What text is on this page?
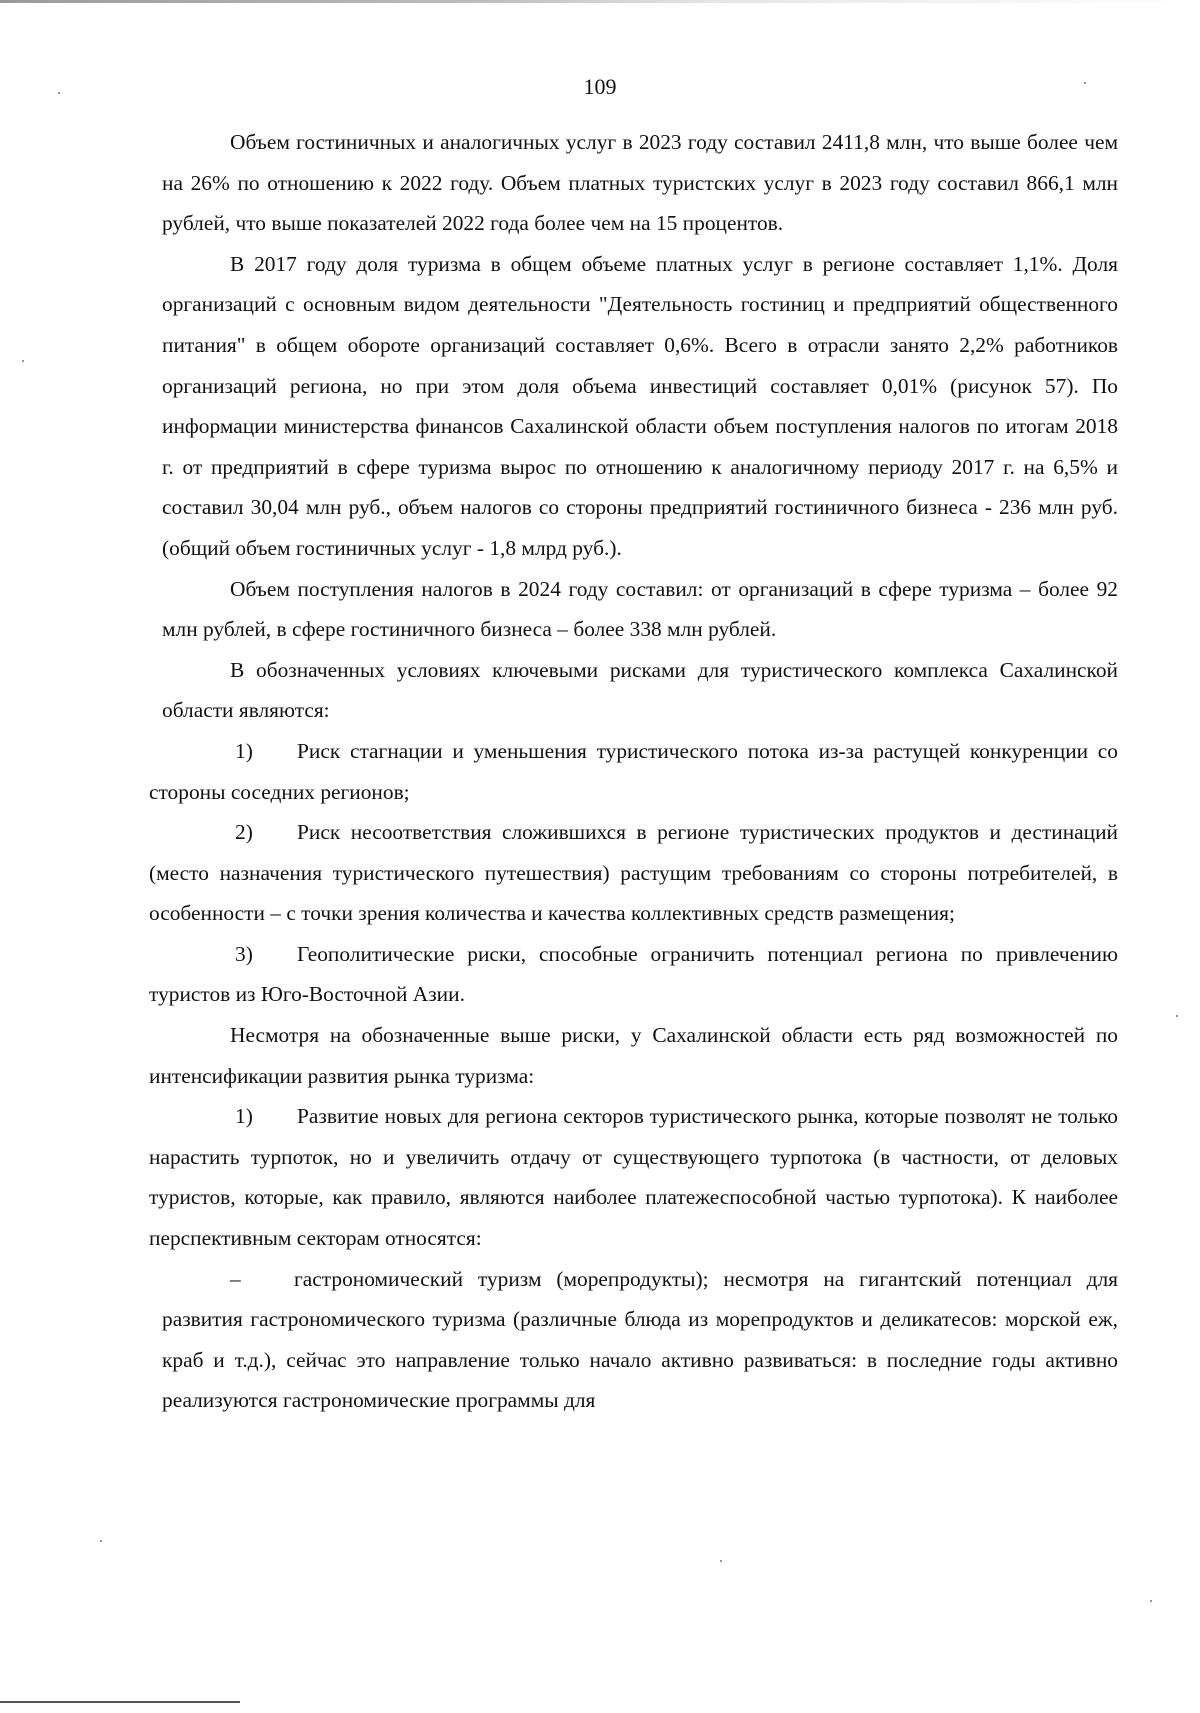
109

Объем гостиничных и аналогичных услуг в 2023 году составил 2411,8 млн, что выше более чем на 26% по отношению к 2022 году. Объем платных туристских услуг в 2023 году составил 866,1 млн рублей, что выше показателей 2022 года более чем на 15 процентов.

В 2017 году доля туризма в общем объеме платных услуг в регионе составляет 1,1%. Доля организаций с основным видом деятельности "Деятельность гостиниц и предприятий общественного питания" в общем обороте организаций составляет 0,6%. Всего в отрасли занято 2,2% работников организаций региона, но при этом доля объема инвестиций составляет 0,01% (рисунок 57). По информации министерства финансов Сахалинской области объем поступления налогов по итогам 2018 г. от предприятий в сфере туризма вырос по отношению к аналогичному периоду 2017 г. на 6,5% и составил 30,04 млн руб., объем налогов со стороны предприятий гостиничного бизнеса - 236 млн руб. (общий объем гостиничных услуг - 1,8 млрд руб.).

Объем поступления налогов в 2024 году составил: от организаций в сфере туризма – более 92 млн рублей, в сфере гостиничного бизнеса – более 338 млн рублей.

В обозначенных условиях ключевыми рисками для туристического комплекса Сахалинской области являются:

1) Риск стагнации и уменьшения туристического потока из-за растущей конкуренции со стороны соседних регионов;

2) Риск несоответствия сложившихся в регионе туристических продуктов и дестинаций (место назначения туристического путешествия) растущим требованиям со стороны потребителей, в особенности – с точки зрения количества и качества коллективных средств размещения;

3) Геополитические риски, способные ограничить потенциал региона по привлечению туристов из Юго-Восточной Азии.

Несмотря на обозначенные выше риски, у Сахалинской области есть ряд возможностей по интенсификации развития рынка туризма:

1) Развитие новых для региона секторов туристического рынка, которые позволят не только нарастить турпоток, но и увеличить отдачу от существующего турпотока (в частности, от деловых туристов, которые, как правило, являются наиболее платежеспособной частью турпотока). К наиболее перспективным секторам относятся:

– гастрономический туризм (морепродукты); несмотря на гигантский потенциал для развития гастрономического туризма (различные блюда из морепродуктов и деликатесов: морской еж, краб и т.д.), сейчас это направление только начало активно развиваться: в последние годы активно реализуются гастрономические программы для
